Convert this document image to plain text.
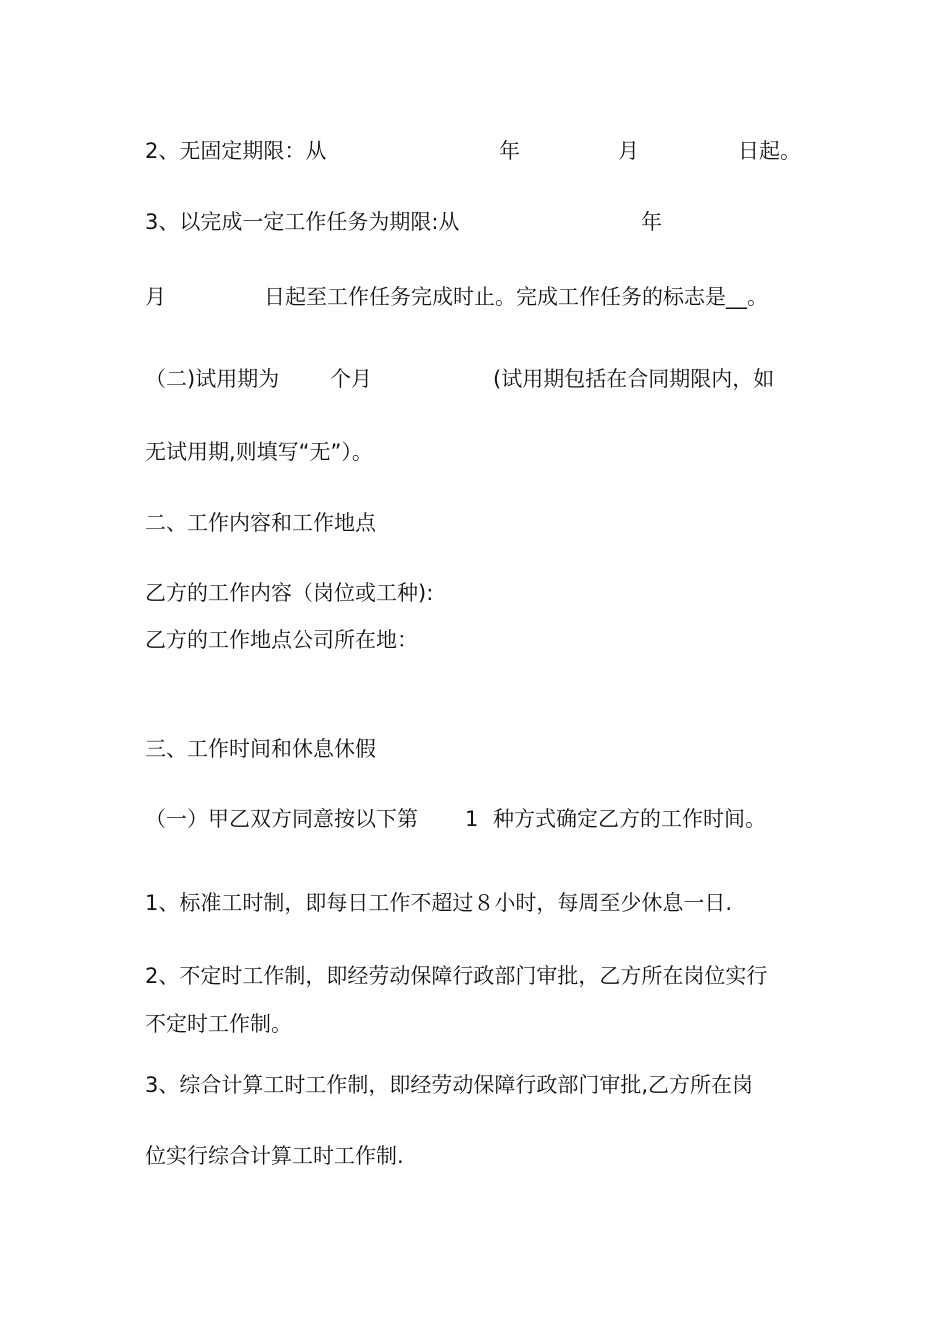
2、无固定期限：从	年	月	日起。
3、以完成一定工作任务为期限:从	年
月	日起至工作任务完成时止。完成工作任务的标志是__。
（二)试用期为 个月	(试用期包括在合同期限内，如
无试用期,则填写“无”）。
二、工作内容和工作地点
乙方的工作内容（岗位或工种):
乙方的工作地点公司所在地：
三、工作时间和休息休假
（一）甲乙双方同意按以下第 1 种方式确定乙方的工作时间。
1、标准工时制，即每日工作不超过８小时，每周至少休息一日.
2、不定时工作制，即经劳动保障行政部门审批，乙方所在岗位实行
不定时工作制。
3、综合计算工时工作制，即经劳动保障行政部门审批,乙方所在岗
位实行综合计算工时工作制.
